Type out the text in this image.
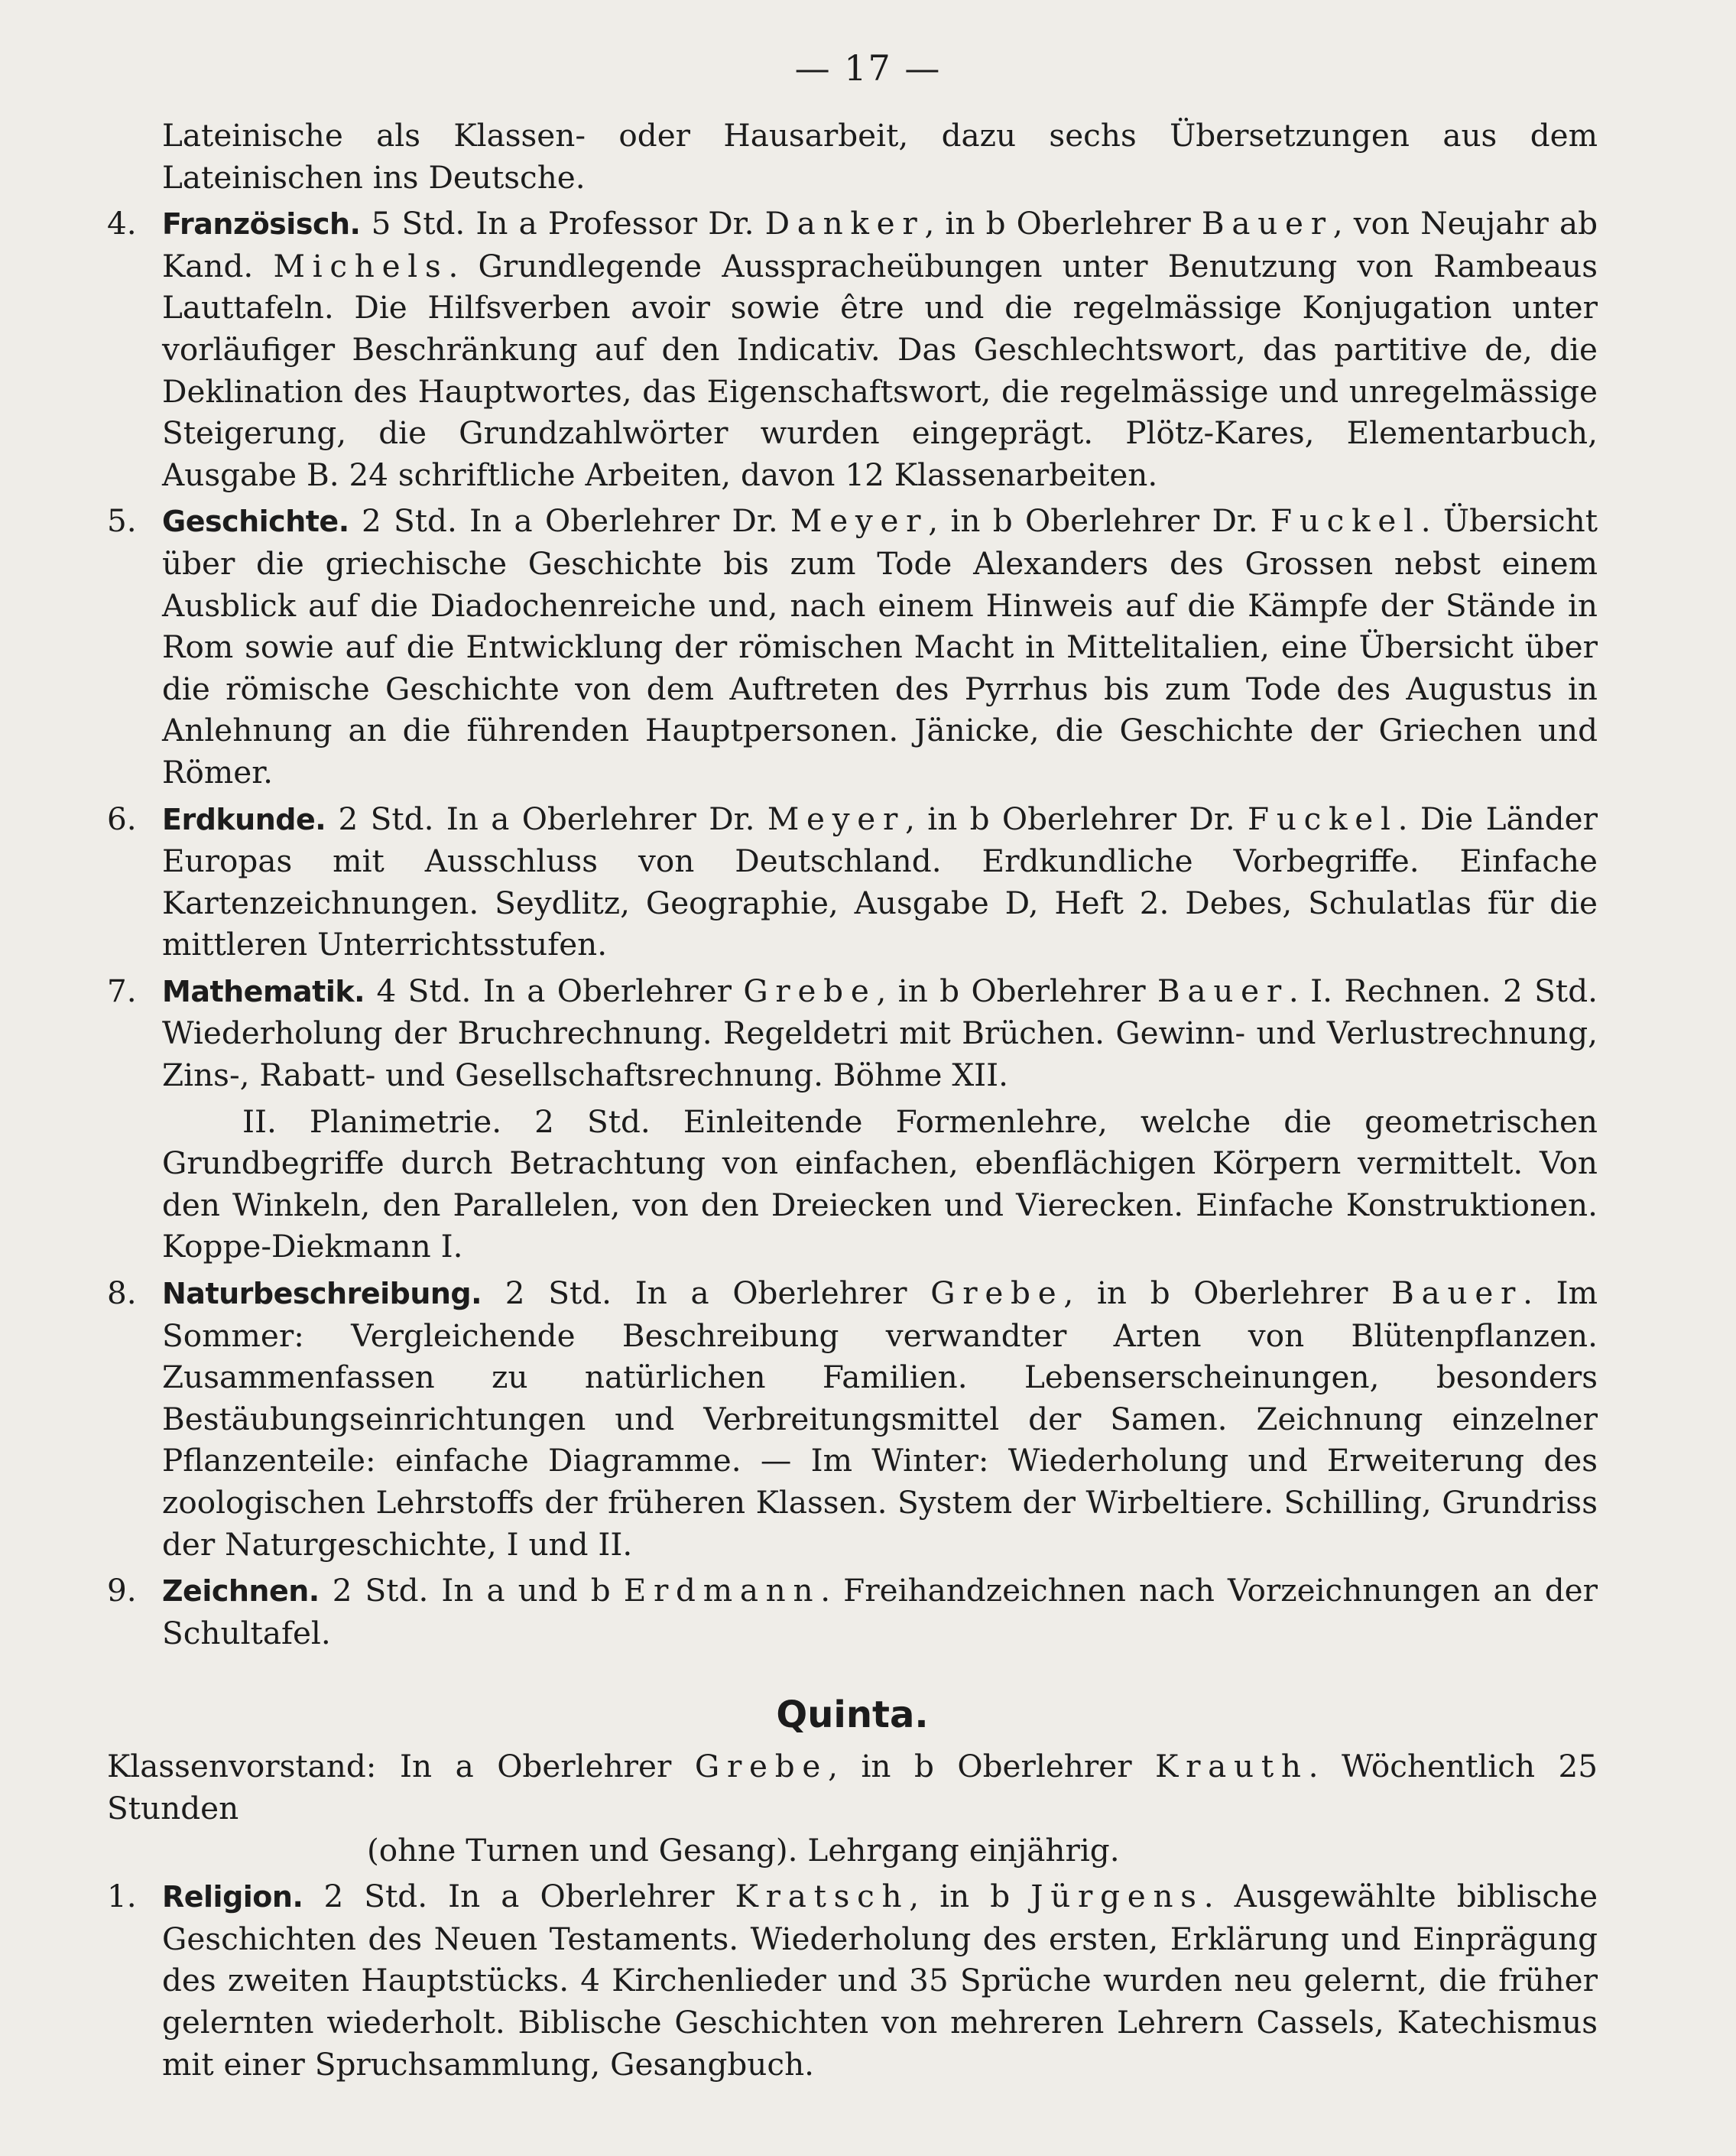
— 17 —

Lateinische als Klassen- oder Hausarbeit, dazu sechs Übersetzungen aus dem Lateinischen ins Deutsche.

4. Französisch. 5 Std. In a Professor Dr. Danker, in b Oberlehrer Bauer, von Neujahr ab Kand. Michels. Grundlegende Ausspracheübungen unter Benutzung von Rambeaus Lauttafeln. Die Hilfsverben avoir sowie être und die regelmässige Konjugation unter vorläufiger Beschränkung auf den Indicativ. Das Geschlechtswort, das partitive de, die Deklination des Hauptwortes, das Eigenschaftswort, die regelmässige und unregelmässige Steigerung, die Grundzahlwörter wurden eingeprägt. Plötz-Kares, Elementarbuch, Ausgabe B. 24 schriftliche Arbeiten, davon 12 Klassenarbeiten.
5. Geschichte. 2 Std. In a Oberlehrer Dr. Meyer, in b Oberlehrer Dr. Fuckel. Übersicht über die griechische Geschichte bis zum Tode Alexanders des Grossen nebst einem Ausblick auf die Diadochenreiche und, nach einem Hinweis auf die Kämpfe der Stände in Rom sowie auf die Entwicklung der römischen Macht in Mittelitalien, eine Übersicht über die römische Geschichte von dem Auftreten des Pyrrhus bis zum Tode des Augustus in Anlehnung an die führenden Hauptpersonen. Jänicke, die Geschichte der Griechen und Römer.
6. Erdkunde. 2 Std. In a Oberlehrer Dr. Meyer, in b Oberlehrer Dr. Fuckel. Die Länder Europas mit Ausschluss von Deutschland. Erdkundliche Vorbegriffe. Einfache Kartenzeichnungen. Seydlitz, Geographie, Ausgabe D, Heft 2. Debes, Schulatlas für die mittleren Unterrichtsstufen.
7. Mathematik. 4 Std. In a Oberlehrer Grebe, in b Oberlehrer Bauer. I. Rechnen. 2 Std. Wiederholung der Bruchrechnung. Regeldetri mit Brüchen. Gewinn- und Verlustrechnung, Zins-, Rabatt- und Gesellschaftsrechnung. Böhme XII.
II. Planimetrie. 2 Std. Einleitende Formenlehre, welche die geometrischen Grundbegriffe durch Betrachtung von einfachen, ebenflächigen Körpern vermittelt. Von den Winkeln, den Parallelen, von den Dreiecken und Vierecken. Einfache Konstruktionen. Koppe-Diekmann I.
8. Naturbeschreibung. 2 Std. In a Oberlehrer Grebe, in b Oberlehrer Bauer. Im Sommer: Vergleichende Beschreibung verwandter Arten von Blütenpflanzen. Zusammenfassen zu natürlichen Familien. Lebenserscheinungen, besonders Bestäubungseinrichtungen und Verbreitungsmittel der Samen. Zeichnung einzelner Pflanzenteile: einfache Diagramme. — Im Winter: Wiederholung und Erweiterung des zoologischen Lehrstoffs der früheren Klassen. System der Wirbeltiere. Schilling, Grundriss der Naturgeschichte, I und II.
9. Zeichnen. 2 Std. In a und b Erdmann. Freihandzeichnen nach Vorzeichnungen an der Schultafel.
Quinta.
Klassenvorstand: In a Oberlehrer Grebe, in b Oberlehrer Krauth. Wöchentlich 25 Stunden
(ohne Turnen und Gesang). Lehrgang einjährig.
1. Religion. 2 Std. In a Oberlehrer Kratsch, in b Jürgens. Ausgewählte biblische Geschichten des Neuen Testaments. Wiederholung des ersten, Erklärung und Einprägung des zweiten Hauptstücks. 4 Kirchenlieder und 35 Sprüche wurden neu gelernt, die früher gelernten wiederholt. Biblische Geschichten von mehreren Lehrern Cassels, Katechismus mit einer Spruchsammlung, Gesangbuch.
